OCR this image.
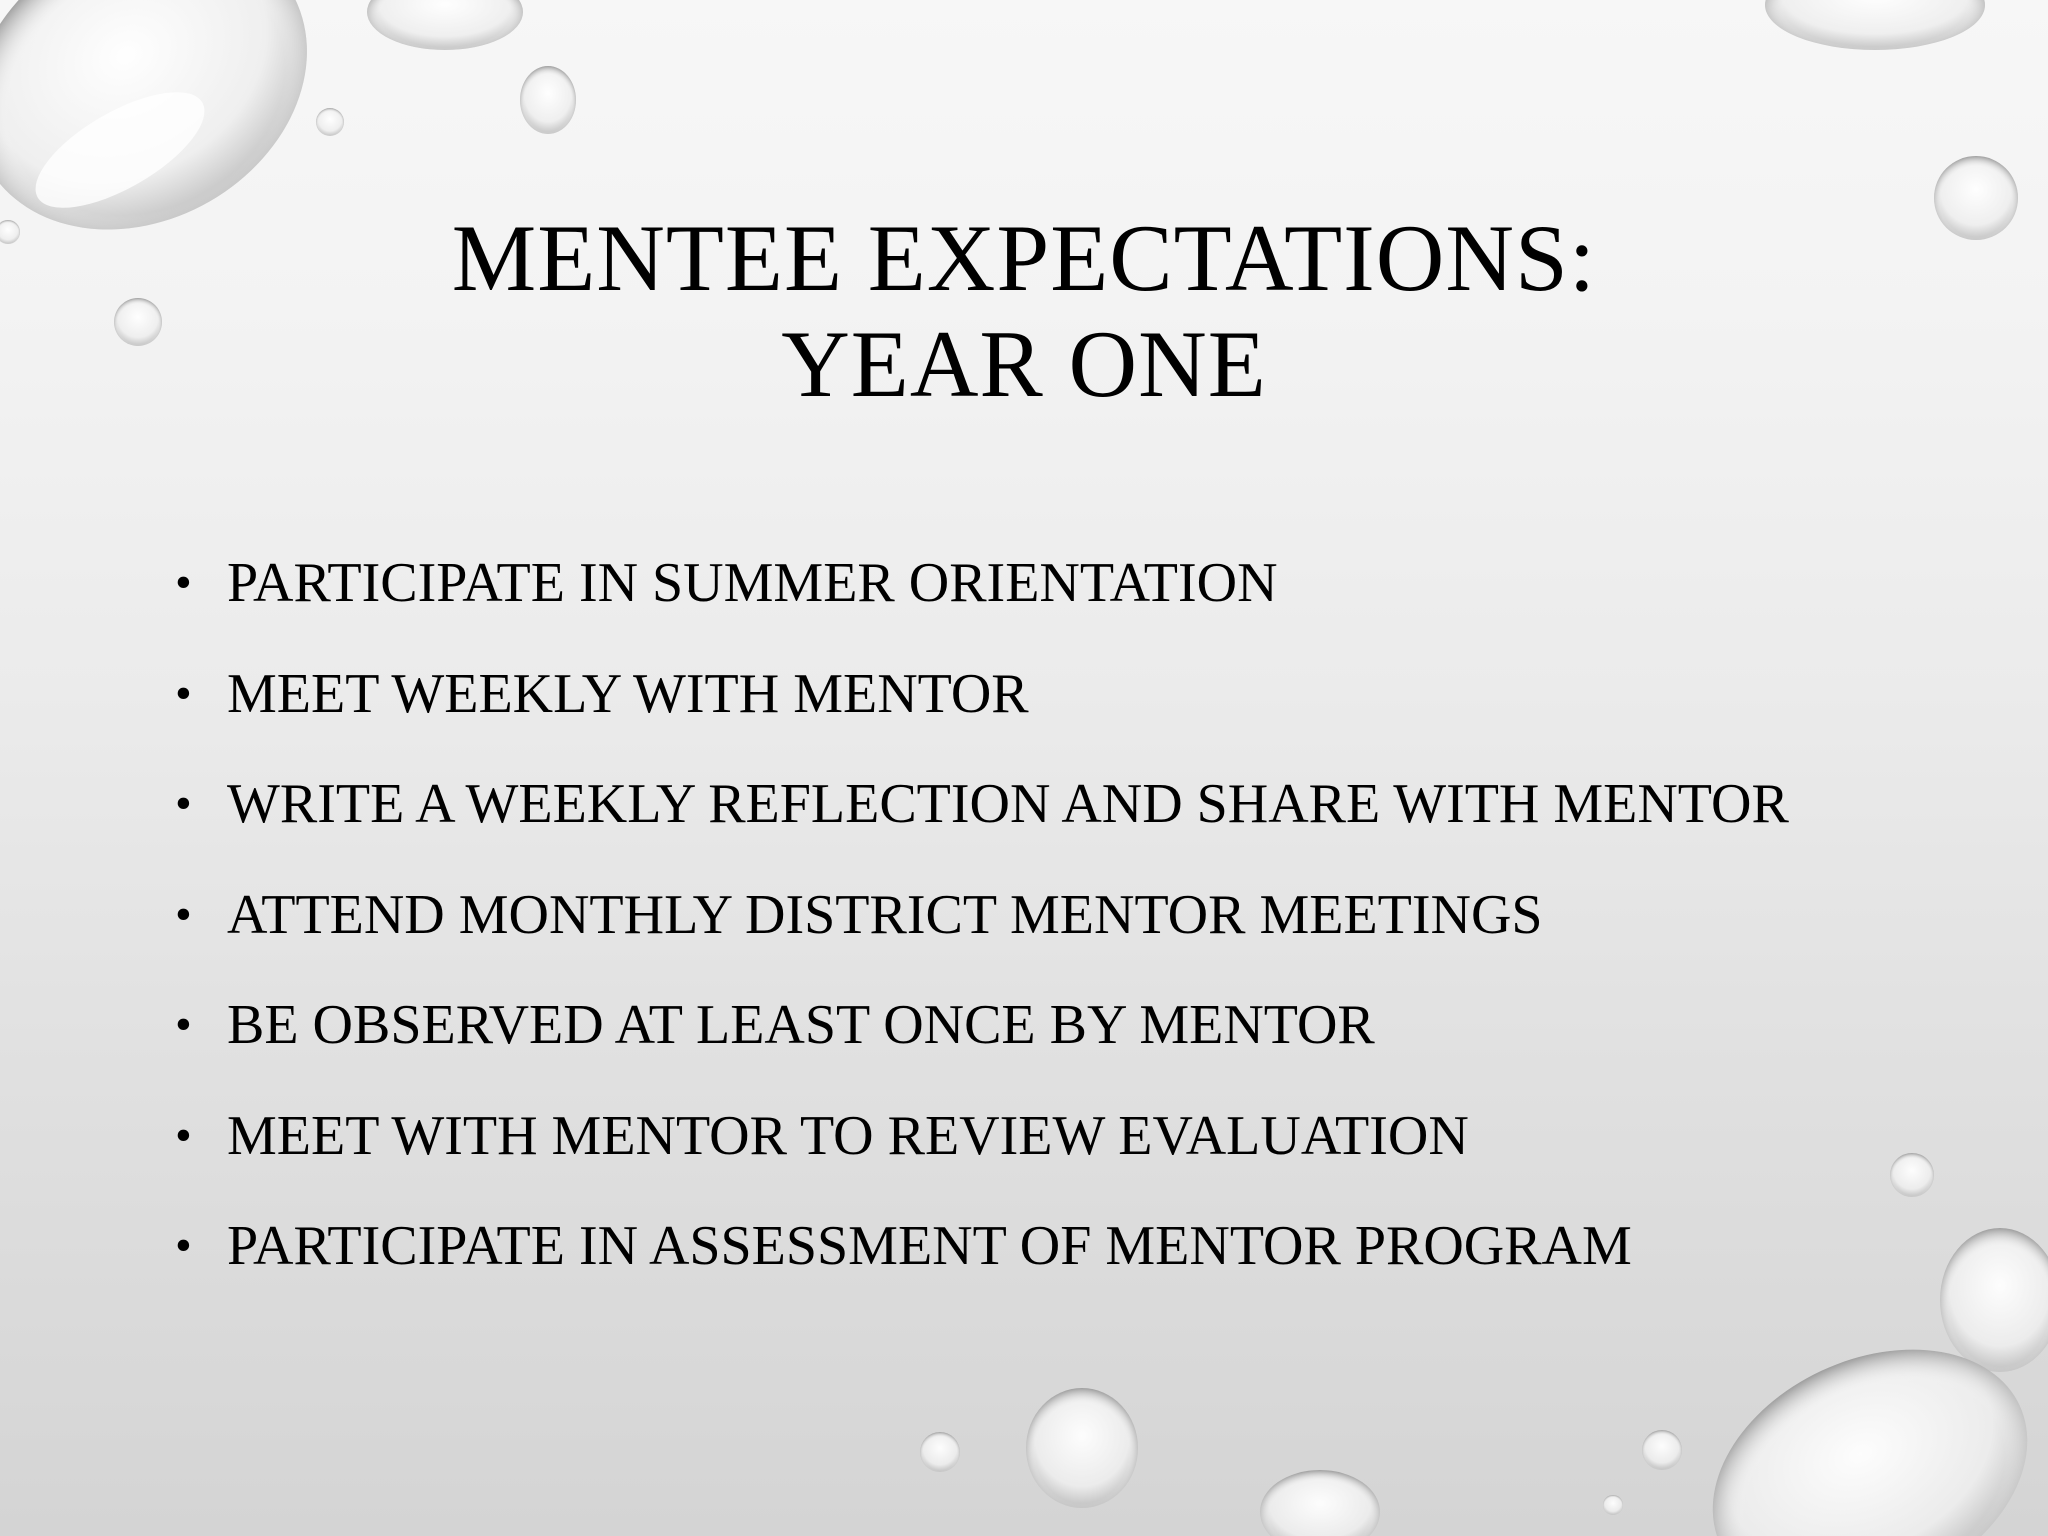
MENTEE EXPECTATIONS:
YEAR ONE
• PARTICIPATE IN SUMMER ORIENTATION
• MEET WEEKLY WITH MENTOR
• WRITE A WEEKLY REFLECTION AND SHARE WITH MENTOR
• ATTEND MONTHLY DISTRICT MENTOR MEETINGS
• BE OBSERVED AT LEAST ONCE BY MENTOR
• MEET WITH MENTOR TO REVIEW EVALUATION
• PARTICIPATE IN ASSESSMENT OF MENTOR PROGRAM
